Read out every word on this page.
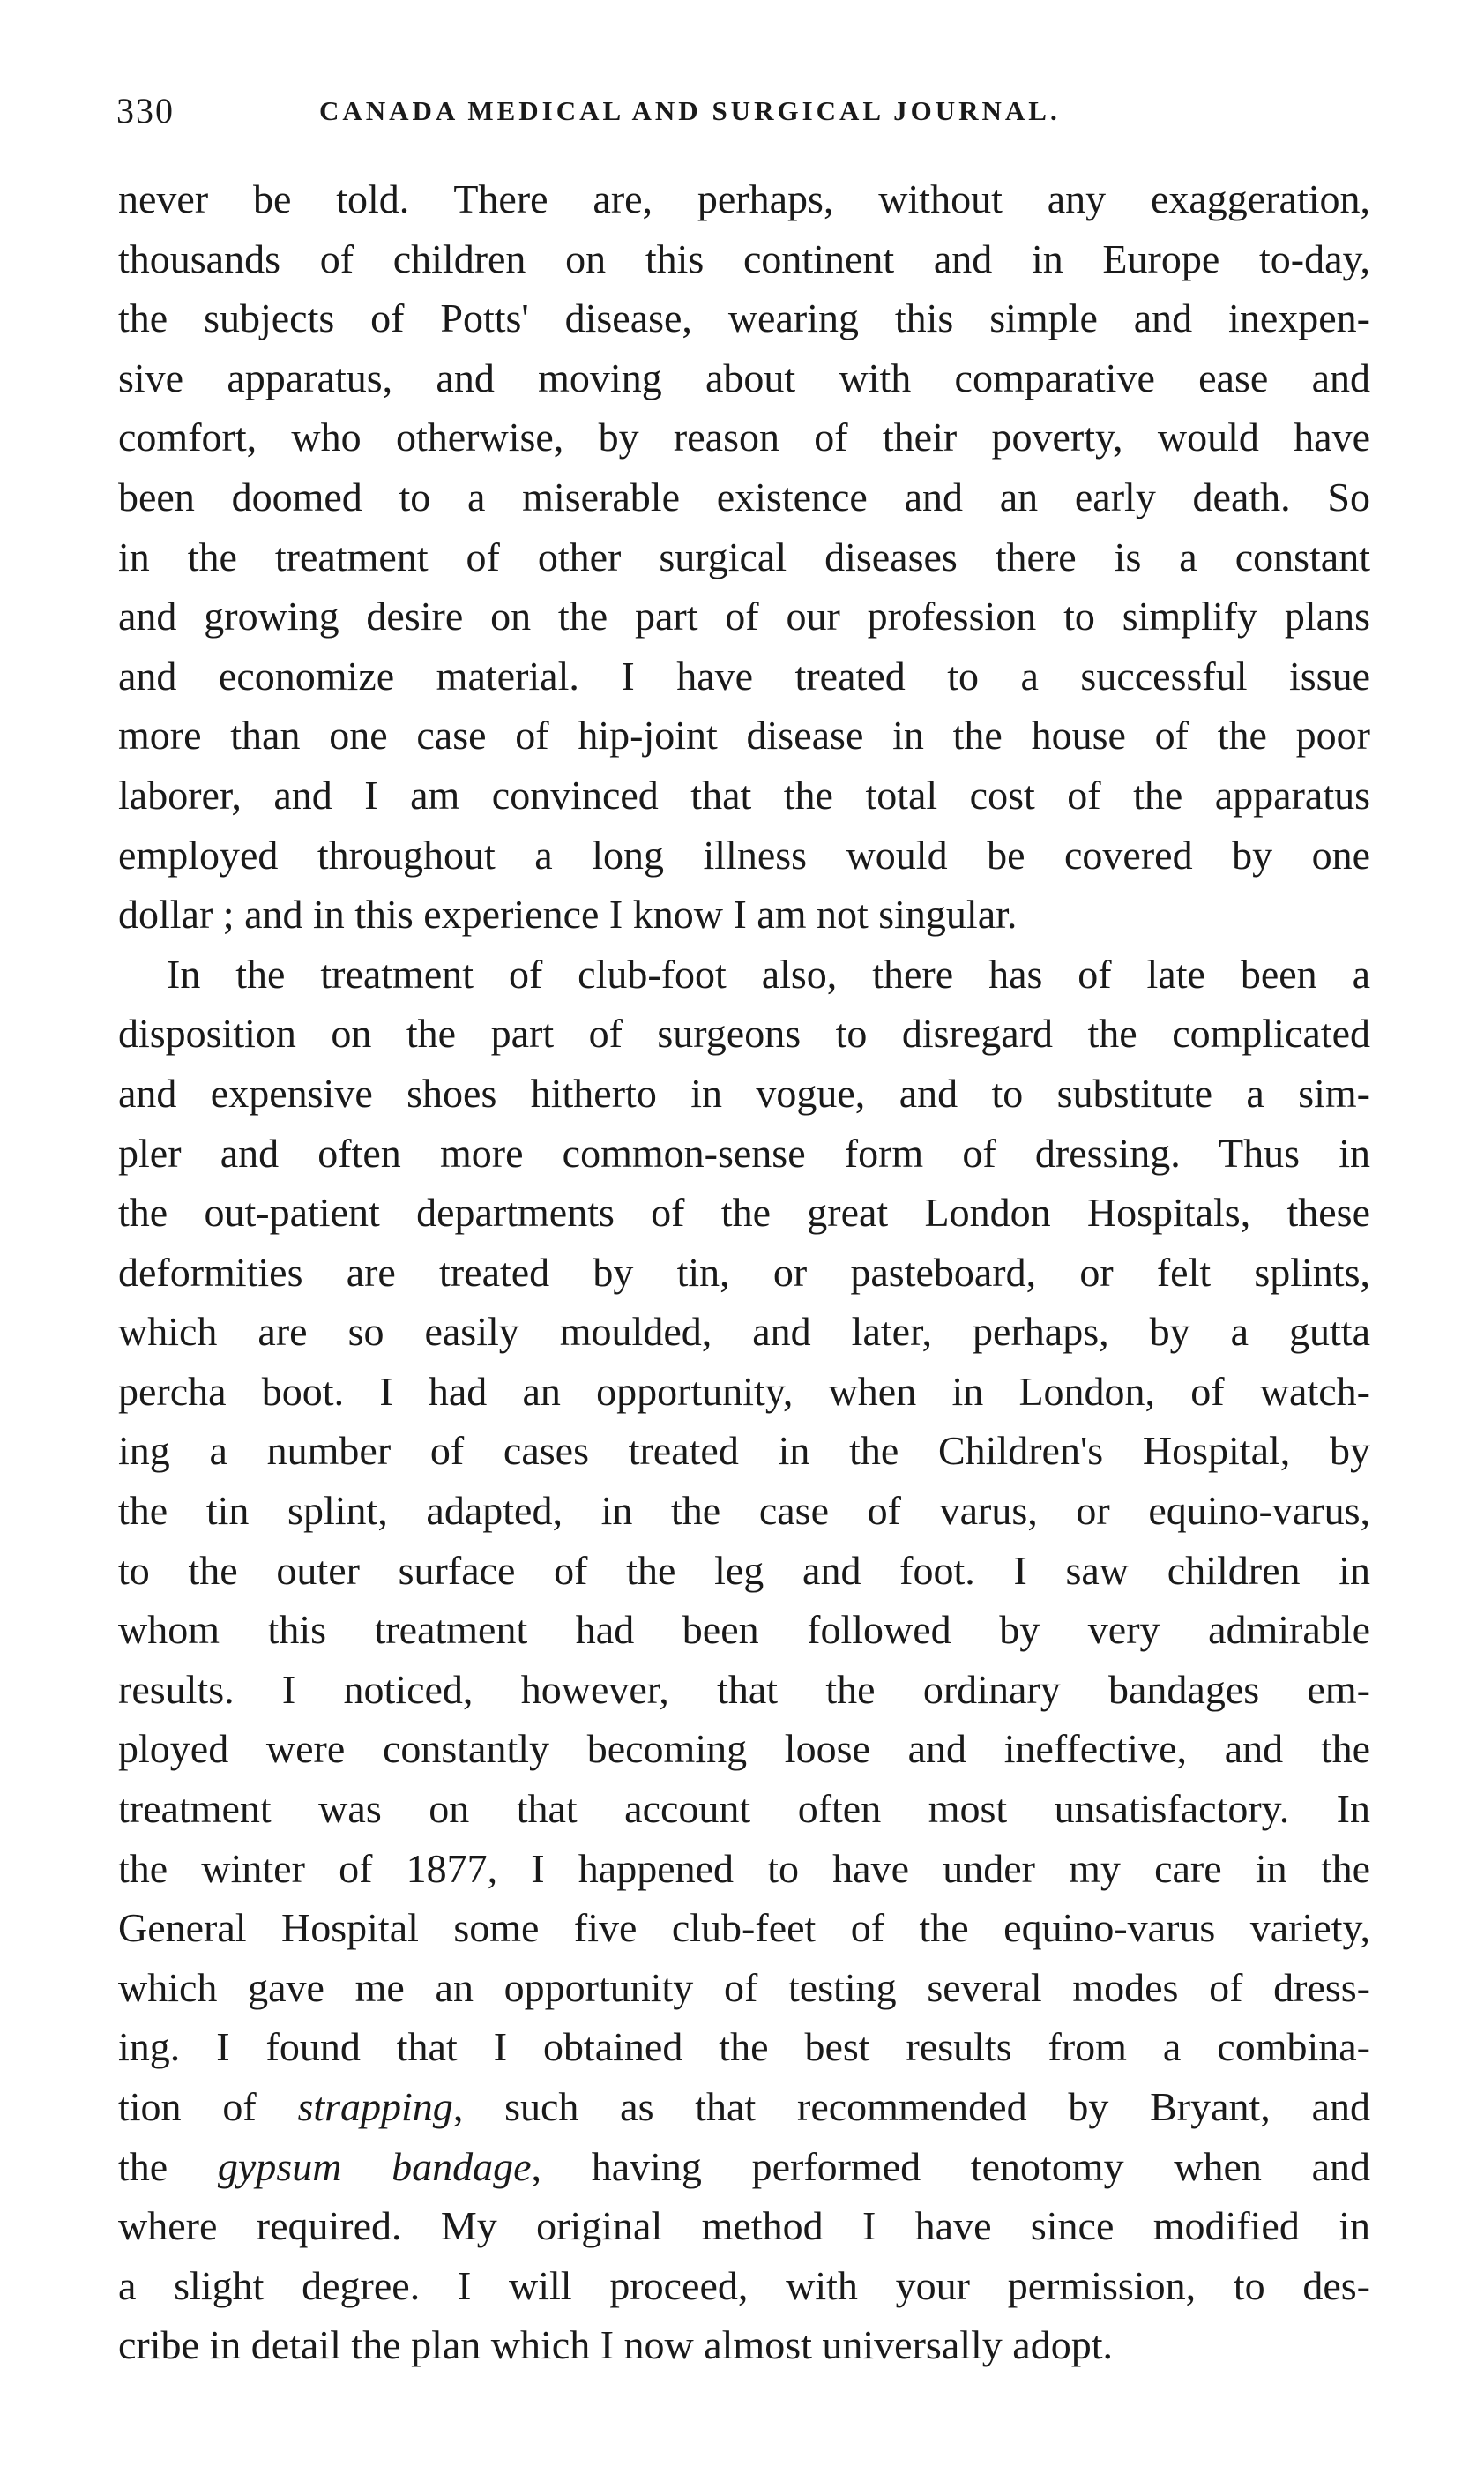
330	CANADA MEDICAL AND SURGICAL JOURNAL.

never be told. There are, perhaps, without any exaggeration,
thousands of children on this continent and in Europe to-day,
the subjects of Potts' disease, wearing this simple and inexpen-
sive apparatus, and moving about with comparative ease and
comfort, who otherwise, by reason of their poverty, would have
been doomed to a miserable existence and an early death. So
in the treatment of other surgical diseases there is a constant
and growing desire on the part of our profession to simplify plans
and economize material. I have treated to a successful issue
more than one case of hip-joint disease in the house of the poor
laborer, and I am convinced that the total cost of the apparatus
employed throughout a long illness would be covered by one
dollar ; and in this experience I know I am not singular.

In the treatment of club-foot also, there has of late been a
disposition on the part of surgeons to disregard the complicated
and expensive shoes hitherto in vogue, and to substitute a sim-
pler and often more common-sense form of dressing. Thus in
the out-patient departments of the great London Hospitals, these
deformities are treated by tin, or pasteboard, or felt splints,
which are so easily moulded, and later, perhaps, by a gutta
percha boot. I had an opportunity, when in London, of watch-
ing a number of cases treated in the Children's Hospital, by
the tin splint, adapted, in the case of varus, or equino-varus,
to the outer surface of the leg and foot. I saw children in
whom this treatment had been followed by very admirable
results. I noticed, however, that the ordinary bandages em-
ployed were constantly becoming loose and ineffective, and the
treatment was on that account often most unsatisfactory. In
the winter of 1877, I happened to have under my care in the
General Hospital some five club-feet of the equino-varus variety,
which gave me an opportunity of testing several modes of dress-
ing. I found that I obtained the best results from a combina-
tion of strapping, such as that recommended by Bryant, and
the gypsum bandage, having performed tenotomy when and
where required. My original method I have since modified in
a slight degree. I will proceed, with your permission, to des-
cribe in detail the plan which I now almost universally adopt.
